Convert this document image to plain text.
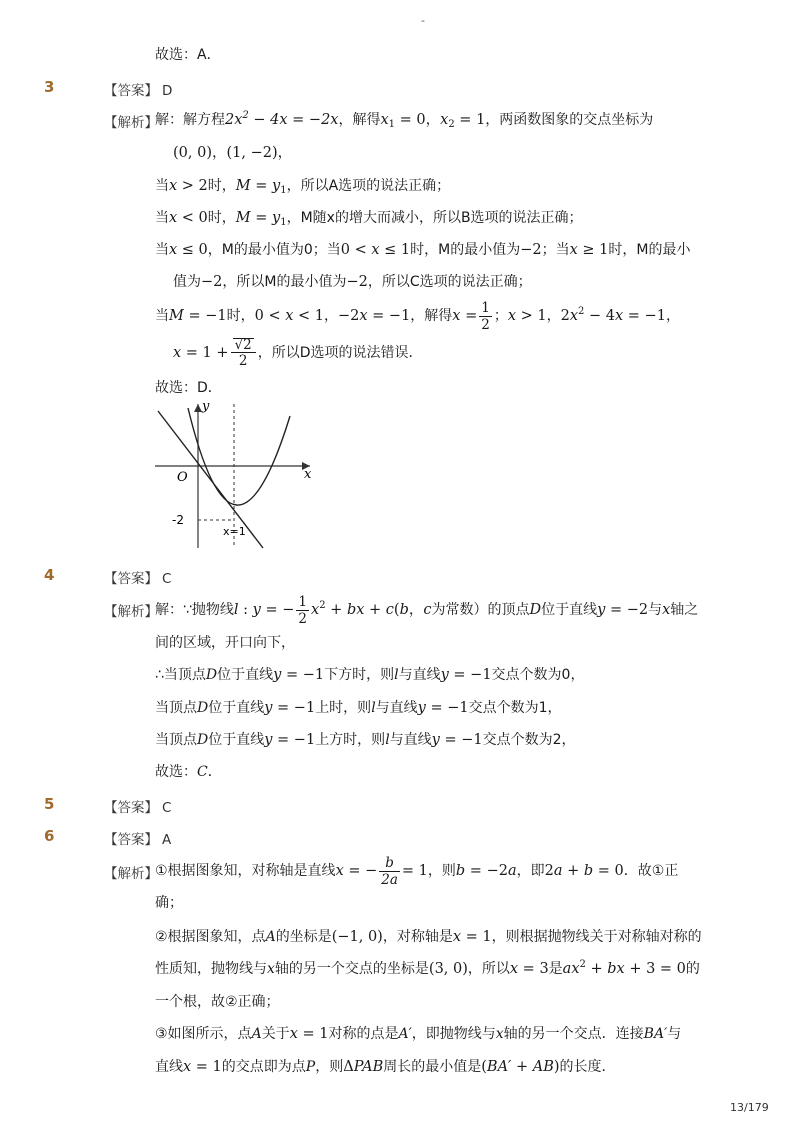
-
故选：A．
3	【答案】 D
【解析】
解：解方程$2x^2 - 4x = -2x$，解得$x_1 = 0$，$x_2 = 1$，两函数图象的交点坐标为
(0, 0)，(1, −2)，
当x > 2时，$M = y_1$，所以A选项的说法正确；
当x < 0时，$M = y_1$，M随x的增大而减小，所以B选项的说法正确；
当x ≤ 0，M的最小值为0；当0 < x ≤ 1时，M的最小值为−2；当x ≥ 1时，M的最小
值为−2，所以M的最小值为−2，所以C选项的说法正确；
当M = −1时，0 < x < 1，−2x = −1，解得$x = \frac{1}{2}$ ；x > 1，$2x^2 - 4x = -1$，
$x = 1 + \frac{√2}{2}$ ，所以D选项的说法错误．
故选：D．
y
x
O
-2
x=1
4	【答案】 C
【解析】
解：∵抛物线l : y = − $\frac{1}{2} x^2$ + bx + c(b，c为常数）的顶点D位于直线y = −2与x轴之
间的区域，开口向下，
∴当顶点D位于直线y = −1下方时，则l与直线y = −1交点个数为0，
当顶点D位于直线y = −1上时，则l与直线y = −1交点个数为1，
当顶点D位于直线y = −1上方时，则l与直线y = −1交点个数为2，
故选：C．
5	【答案】 C
6	【答案】 A
【解析】
①根据图象知，对称轴是直线x = − $\frac{b}{2a} = 1$，则b = −2a，即2a + b = 0．故①正
确；
②根据图象知，点A的坐标是(−1, 0)，对称轴是x = 1，则根据抛物线关于对称轴对称的
性质知，抛物线与x轴的另一个交点的坐标是(3, 0)，所以x = 3是$ax^2$ + bx + 3 = 0的
一个根，故②正确；
③如图所示，点A关于x = 1对称的点是A′，即抛物线与x轴的另一个交点．连接BA′与
直线x = 1的交点即为点P，则ΔPAB周长的最小值是(BA′ + AB)的长度．
13/179
